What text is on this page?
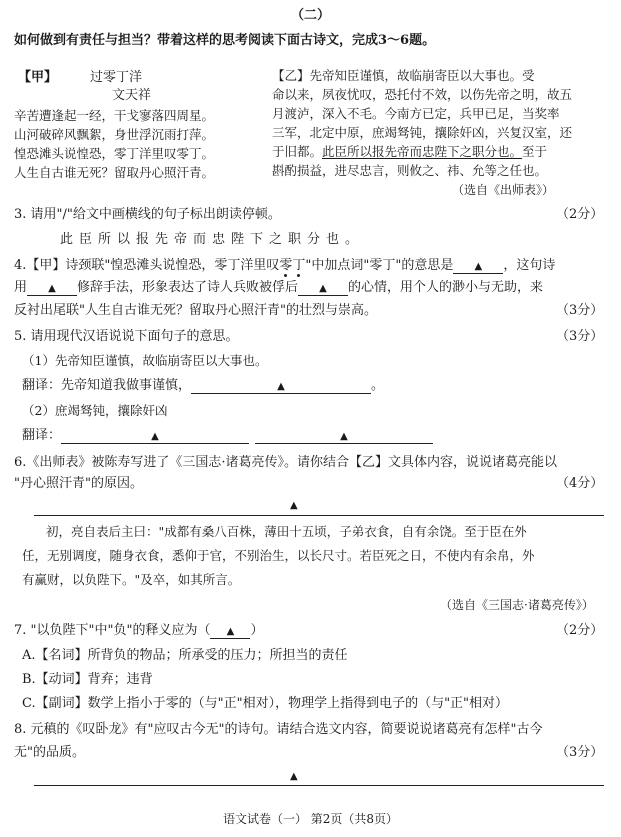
（二）
如何做到有责任与担当？带着这样的思考阅读下面古诗文，完成3～6题。
【甲】	过零丁洋
文天祥
辛苦遭逢起一经，干戈寥落四周星。
山河破碎风飘絮，身世浮沉雨打萍。
惶恐滩头说惶恐，零丁洋里叹零丁。
人生自古谁无死？留取丹心照汗青。
【乙】先帝知臣谨慎，故临崩寄臣以大事也。受
命以来，夙夜忧叹，恐托付不效，以伤先帝之明，故五
月渡泸，深入不毛。今南方已定，兵甲已足，当奖率
三军，北定中原，庶竭驽钝，攘除奸凶，兴复汉室，还
于旧都。此臣所以报先帝而忠陛下之职分也。至于
斟酌损益，进尽忠言，则攸之、祎、允等之任也。
（选自《出师表》）
3. 请用"/"给文中画横线的句子标出朗读停顿。	（2分）
此臣所以报先帝而忠陛下之职分也。
4.【甲】诗颈联"惶恐滩头说惶恐，零丁洋里叹零丁"中加点词"零丁"的意思是 ▲ ，这句诗
用 ▲ 修辞手法，形象表达了诗人兵败被俘后 ▲ 的心情，用个人的渺小与无助，来
反衬出尾联"人生自古谁无死？留取丹心照汗青"的壮烈与崇高。	（3分）
5. 请用现代汉语说说下面句子的意思。	（3分）
（1）先帝知臣谨慎，故临崩寄臣以大事也。
翻译：先帝知道我做事谨慎，	▲	。
（2）庶竭驽钝，攘除奸凶
翻译：	▲	▲
6.《出师表》被陈寿写进了《三国志·诸葛亮传》。请你结合【乙】文具体内容，说说诸葛亮能以
"丹心照汗青"的原因。	（4分）
▲
初，亮自表后主曰："成都有桑八百株，薄田十五顷，子弟衣食，自有余饶。至于臣在外
任，无别调度，随身衣食，悉仰于官，不别治生，以长尺寸。若臣死之日，不使内有余帛，外
有赢财，以负陛下。"及卒，如其所言。
（选自《三国志·诸葛亮传》）
7. "以负陛下"中"负"的释义应为（ ▲ ）	（2分）
A.【名词】所背负的物品；所承受的压力；所担当的责任
B.【动词】背弃；违背
C.【副词】数学上指小于零的（与"正"相对），物理学上指得到电子的（与"正"相对）
8. 元稹的《叹卧龙》有"应叹古今无"的诗句。请结合选文内容，简要说说诸葛亮有怎样"古今
无"的品质。	（3分）
▲
语文试卷（一） 第2页（共8页）
